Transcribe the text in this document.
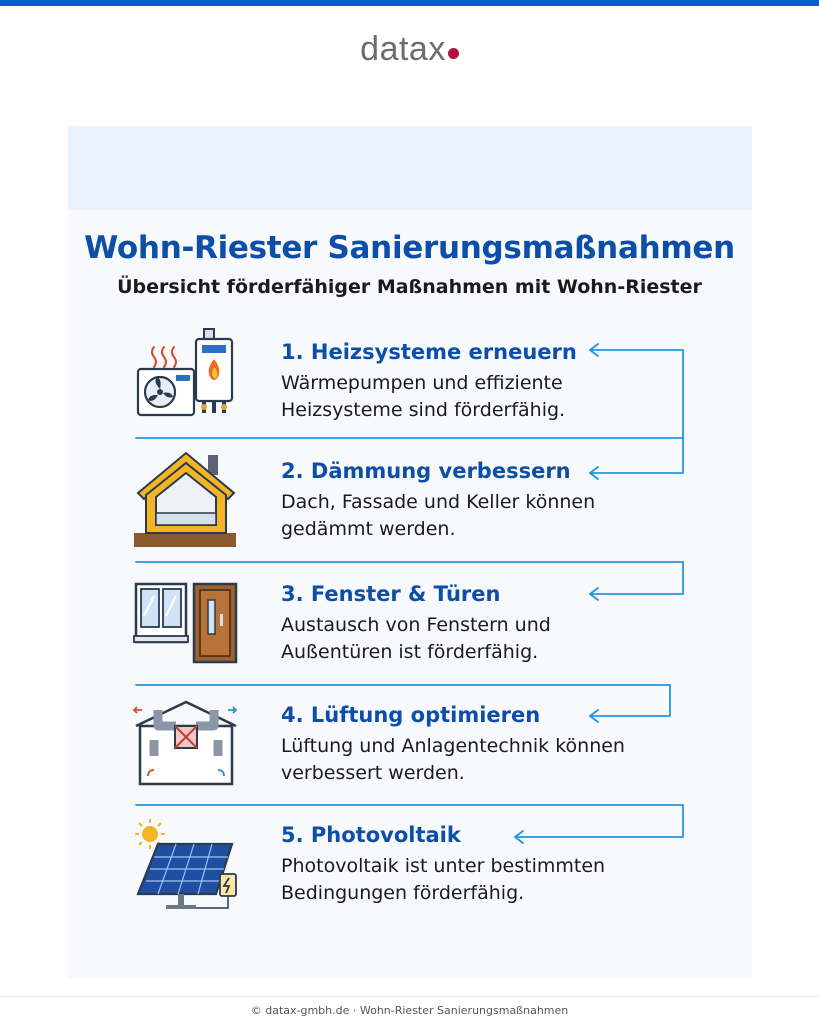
datax
Wohn-Riester Sanierungsmaßnahmen
Übersicht förderfähiger Maßnahmen mit Wohn-Riester
1. Heizsysteme erneuern
Wärmepumpen und effiziente
Heizsysteme sind förderfähig.
2. Dämmung verbessern
Dach, Fassade und Keller können
gedämmt werden.
3. Fenster & Türen
Austausch von Fenstern und
Außentüren ist förderfähig.
4. Lüftung optimieren
Lüftung und Anlagentechnik können
verbessert werden.
5. Photovoltaik
Photovoltaik ist unter bestimmten
Bedingungen förderfähig.
© datax-gmbh.de · Wohn-Riester Sanierungsmaßnahmen
